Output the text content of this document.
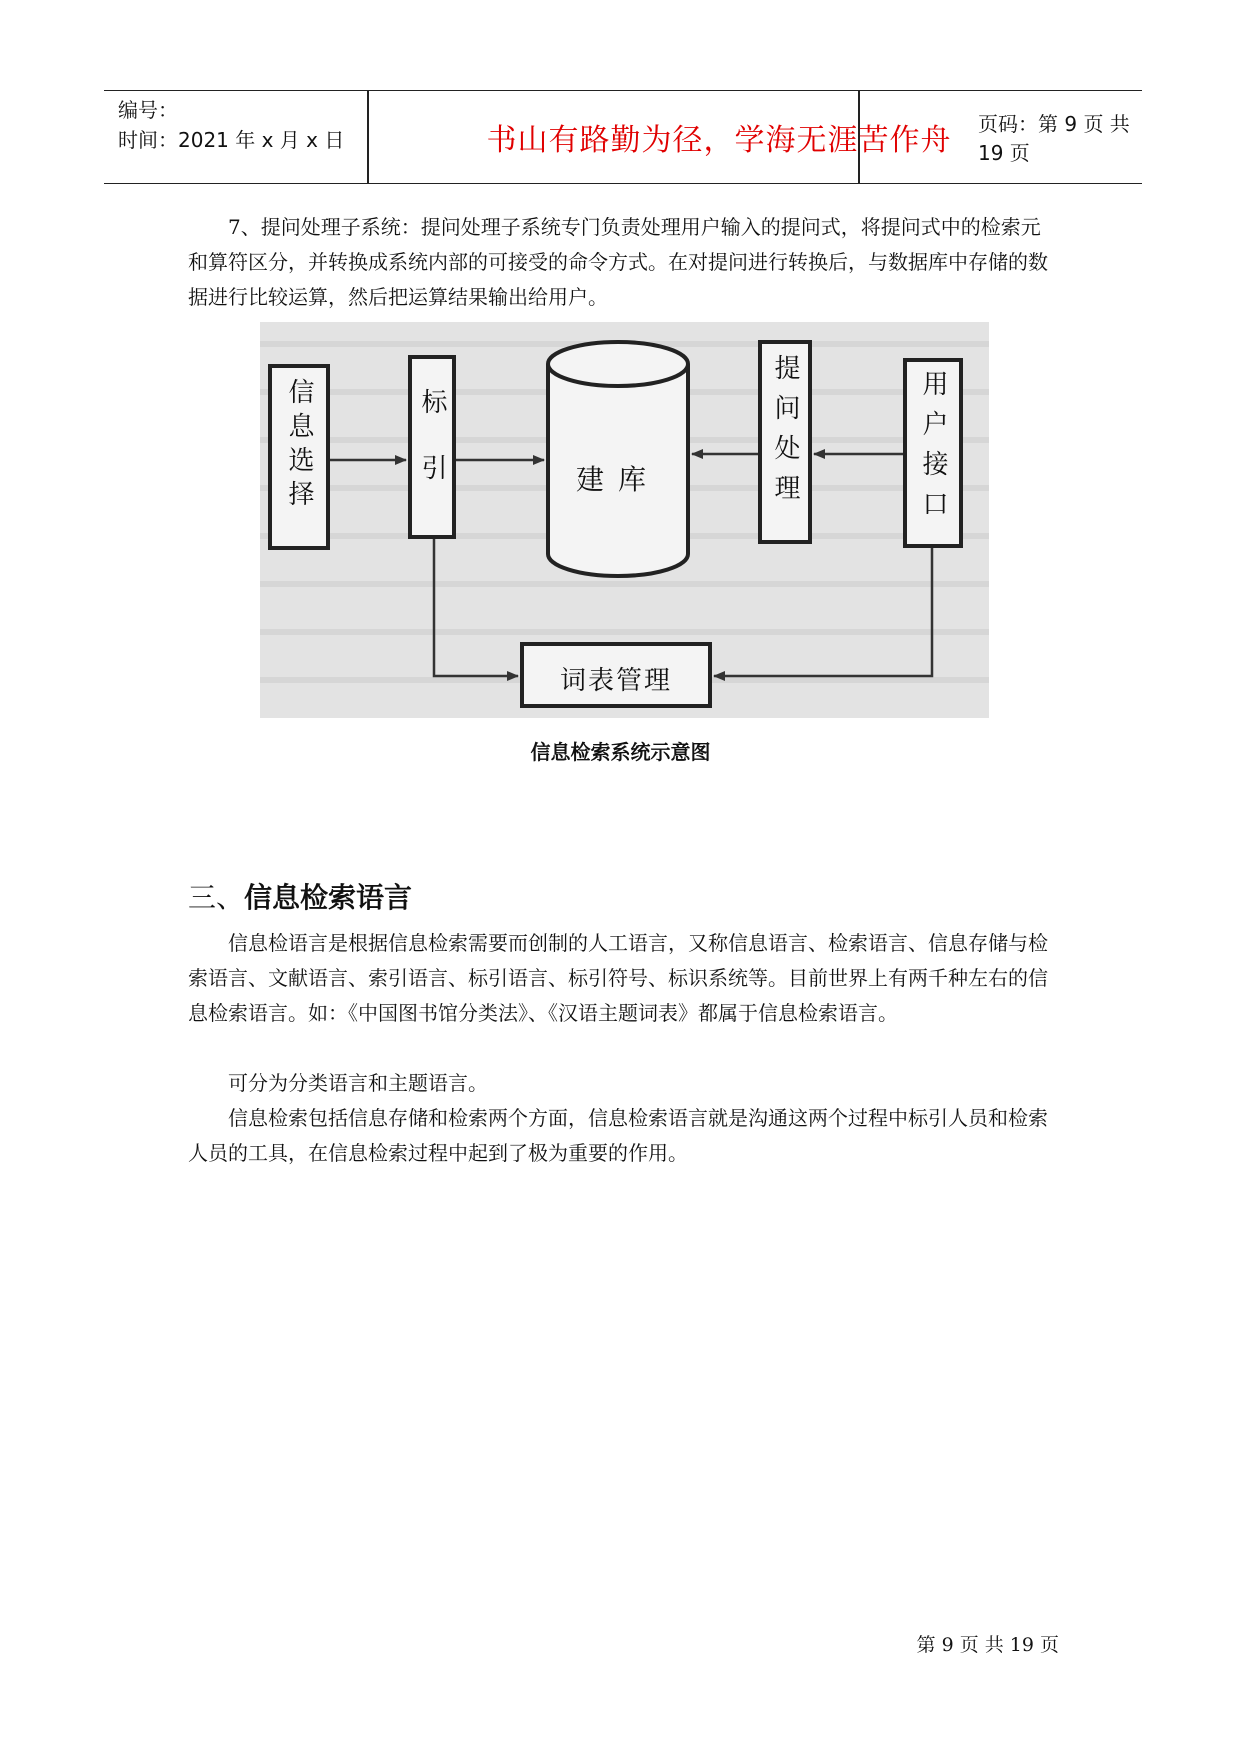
编号：
时间：2021 年 x 月 x 日	书山有路勤为径，学海无涯苦作舟	页码：第 9 页 共 19 页
7、提问处理子系统：提问处理子系统专门负责处理用户输入的提问式，将提问式中的检索元和算符区分，并转换成系统内部的可接受的命令方式。在对提问进行转换后，与数据库中存储的数据进行比较运算，然后把运算结果输出给用户。
信息选择	标引	建库	提问处理	用户接口
词表管理
信息检索系统示意图
三、信息检索语言
信息检语言是根据信息检索需要而创制的人工语言，又称信息语言、检索语言、信息存储与检索语言、文献语言、索引语言、标引语言、标引符号、标识系统等。目前世界上有两千种左右的信息检索语言。如：《中国图书馆分类法》、《汉语主题词表》都属于信息检索语言。
可分为分类语言和主题语言。
信息检索包括信息存储和检索两个方面，信息检索语言就是沟通这两个过程中标引人员和检索人员的工具，在信息检索过程中起到了极为重要的作用。
第 9 页 共 19 页
